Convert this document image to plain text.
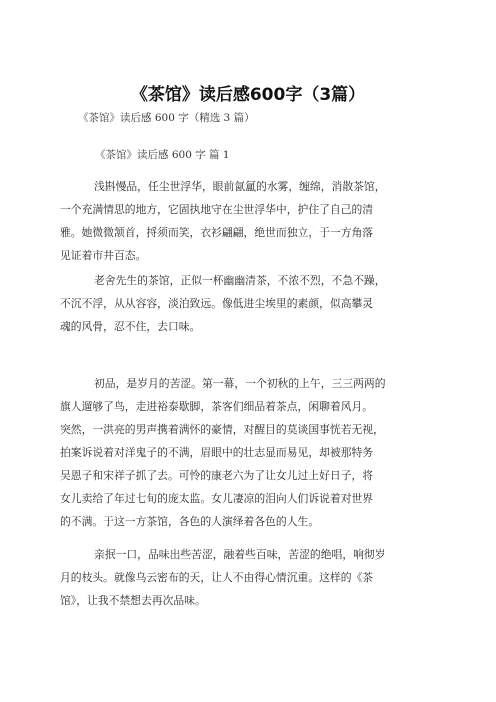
《茶馆》读后感600字（3篇）
《茶馆》读后感 600 字（精选 3 篇）
《茶馆》读后感 600 字 篇 1
浅斟慢品，任尘世浮华，眼前氤氲的水雾，缠绵，消散茶馆，
一个充满情思的地方，它固执地守在尘世浮华中，护住了自己的清
雅。她微微颔首，捋须而笑，衣衫翩翩，绝世而独立，于一方角落
见证着市井百态。
老舍先生的茶馆，正似一杯幽幽清茶，不浓不烈，不急不躁，
不沉不浮，从从容容，淡泊致远。像低进尘埃里的素颜，似高攀灵
魂的风骨，忍不住，去口味。
初品，是岁月的苦涩。第一幕，一个初秋的上午，三三两两的
旗人遛够了鸟，走进裕泰歇脚，茶客们细品着茶点，闲聊着风月。
突然，一洪亮的男声携着满怀的豪情，对醒目的莫谈国事恍若无视，
拍案诉说着对洋鬼子的不满，眉眼中的壮志显而易见，却被那特务
吴恩子和宋祥子抓了去。可怜的康老六为了让女儿过上好日子，将
女儿卖给了年过七旬的庞太监。女儿凄凉的泪向人们诉说着对世界
的不满。于这一方茶馆，各色的人演绎着各色的人生。
亲抿一口，品味出些苦涩，融着些百味，苦涩的绝唱，响彻岁
月的枝头。就像乌云密布的天，让人不由得心情沉重。这样的《茶
馆》，让我不禁想去再次品味。
